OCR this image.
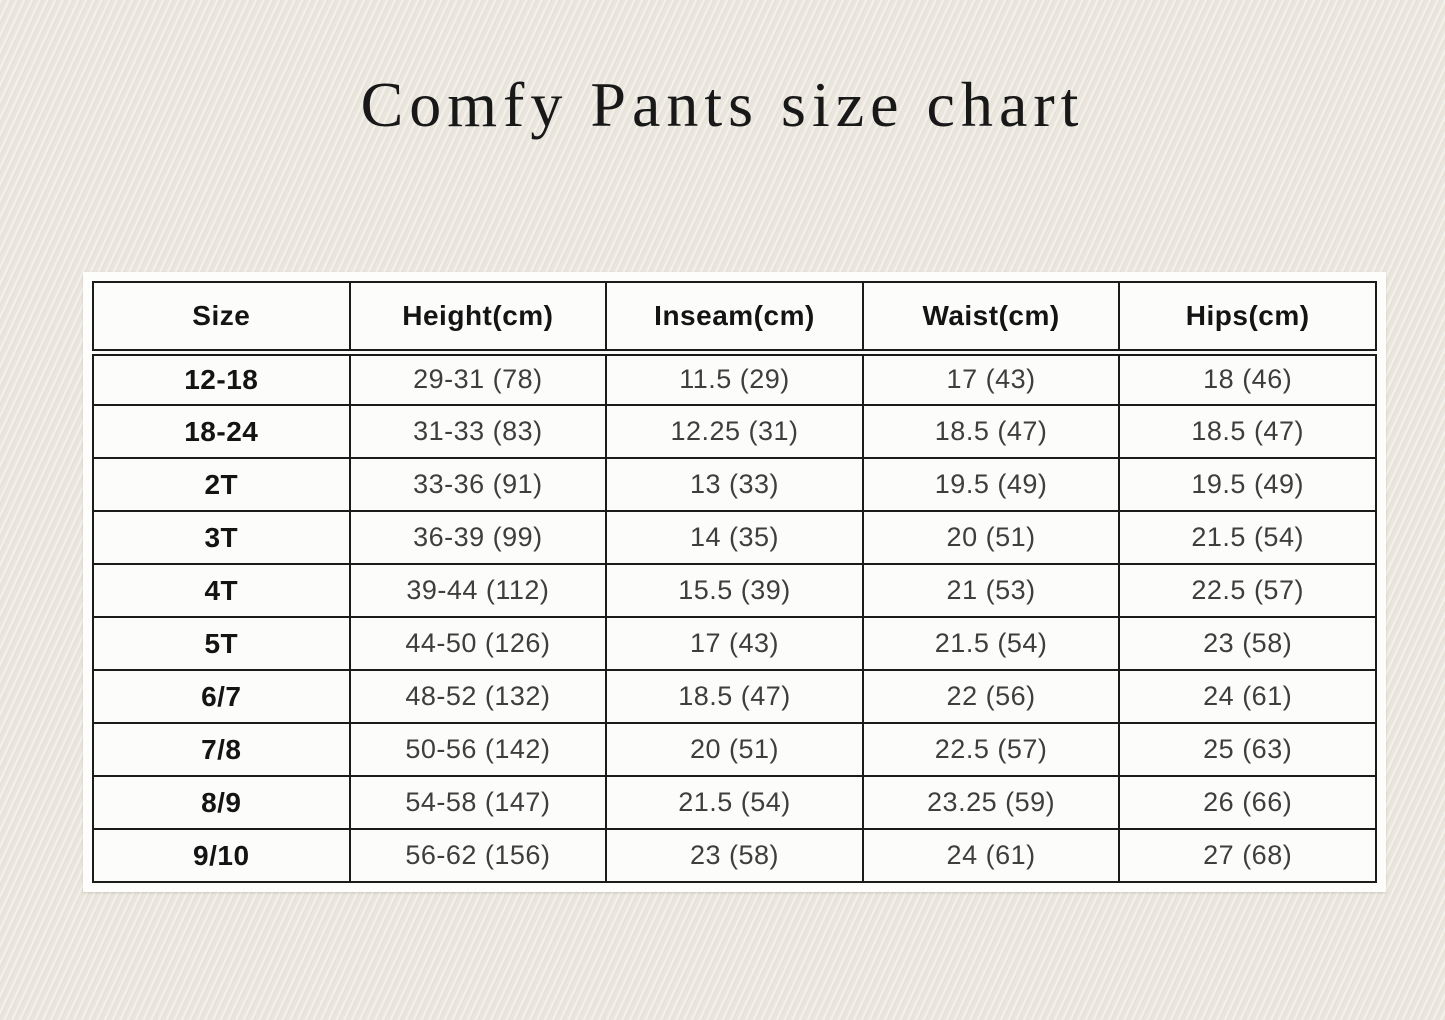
Comfy Pants size chart
Size	Height(cm)	Inseam(cm)	Waist(cm)	Hips(cm)
12-18	29-31 (78)	11.5 (29)	17 (43)	18 (46)
18-24	31-33 (83)	12.25 (31)	18.5 (47)	18.5 (47)
2T	33-36 (91)	13 (33)	19.5 (49)	19.5 (49)
3T	36-39 (99)	14 (35)	20 (51)	21.5 (54)
4T	39-44 (112)	15.5 (39)	21 (53)	22.5 (57)
5T	44-50 (126)	17 (43)	21.5 (54)	23 (58)
6/7	48-52 (132)	18.5 (47)	22 (56)	24 (61)
7/8	50-56 (142)	20 (51)	22.5 (57)	25 (63)
8/9	54-58 (147)	21.5 (54)	23.25 (59)	26 (66)
9/10	56-62 (156)	23 (58)	24 (61)	27 (68)
